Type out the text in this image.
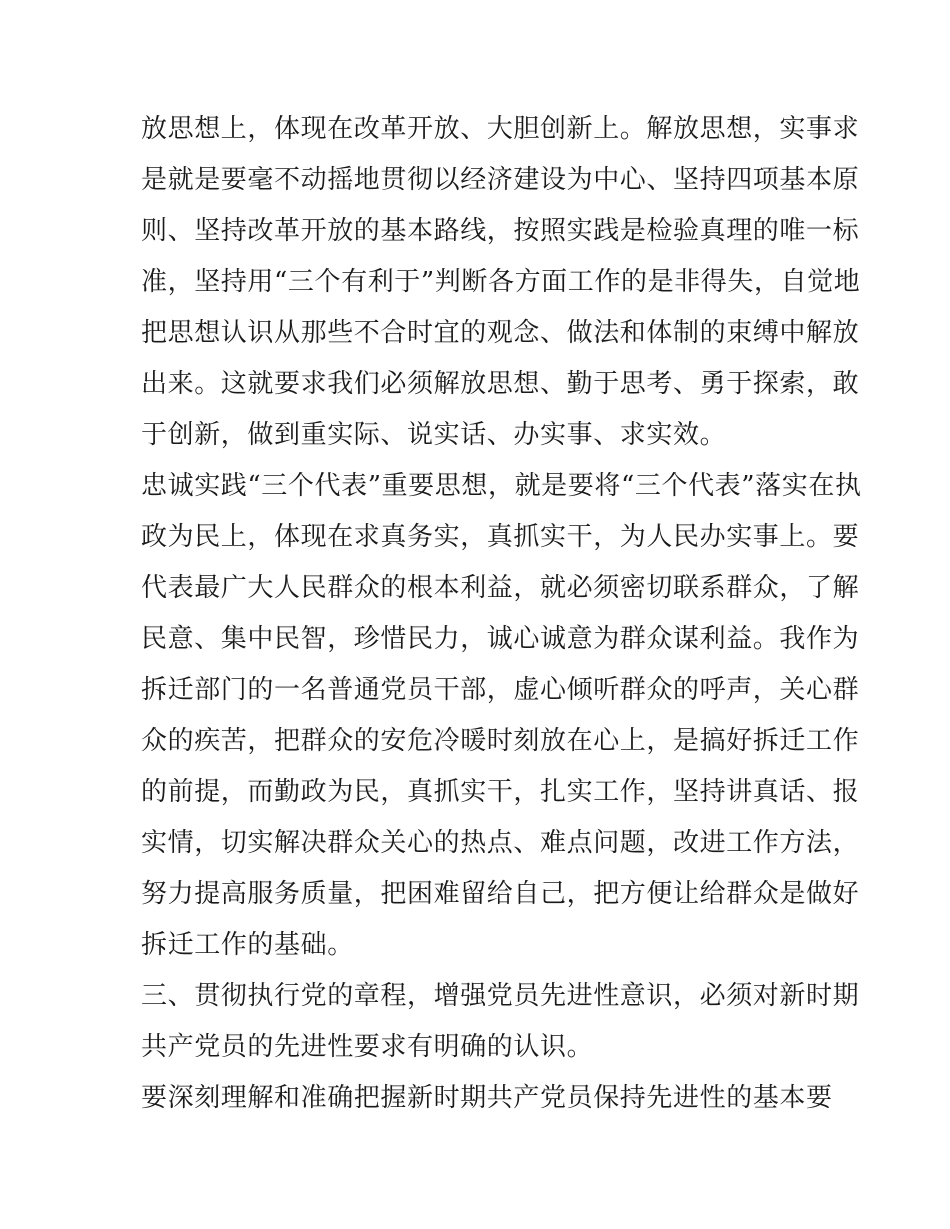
放思想上，体现在改革开放、大胆创新上。解放思想，实事求
是就是要毫不动摇地贯彻以经济建设为中心、坚持四项基本原
则、坚持改革开放的基本路线，按照实践是检验真理的唯一标
准，坚持用“三个有利于”判断各方面工作的是非得失，自觉地
把思想认识从那些不合时宜的观念、做法和体制的束缚中解放
出来。这就要求我们必须解放思想、勤于思考、勇于探索，敢
于创新，做到重实际、说实话、办实事、求实效。
忠诚实践“三个代表”重要思想，就是要将“三个代表”落实在执
政为民上，体现在求真务实，真抓实干，为人民办实事上。要
代表最广大人民群众的根本利益，就必须密切联系群众，了解
民意、集中民智，珍惜民力，诚心诚意为群众谋利益。我作为
拆迁部门的一名普通党员干部，虚心倾听群众的呼声，关心群
众的疾苦，把群众的安危冷暖时刻放在心上，是搞好拆迁工作
的前提，而勤政为民，真抓实干，扎实工作，坚持讲真话、报
实情，切实解决群众关心的热点、难点问题，改进工作方法，
努力提高服务质量，把困难留给自己，把方便让给群众是做好
拆迁工作的基础。
三、贯彻执行党的章程，增强党员先进性意识，必须对新时期
共产党员的先进性要求有明确的认识。
要深刻理解和准确把握新时期共产党员保持先进性的基本要
